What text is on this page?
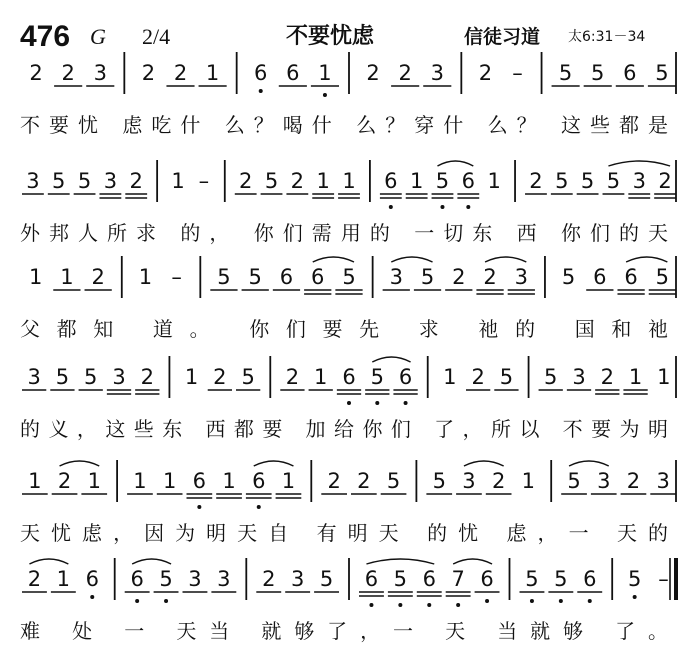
476 G 2/4	不要忧虑	信徒习道 太6:31－34
2 2 3 2 2 1 6 6 1 2 2 3 2 – 5 5 6 5
不要忧 虑吃什 么？喝什 么？穿什 么？ 这些都是
3 5 5 3 2 1 – 2 5 2 1 1 6 1 5 6 1 2 5 5 5 3 2
外邦人所求 的， 你们需用的 一切东 西 你们的天
1 1 2 1 – 5 5 6 6 5 3 5 2 2 3 5 6 6 5
父都知 道。 你们要先 求 祂的 国和祂
3 5 5 3 2 1 2 5 2 1 6 5 6 1 2 5 5 3 2 1 1
的义，这些东 西都要 加给你们 了，所以 不要为明
1 2 1 1 1 6 1 6 1 2 2 5 5 3 2 1 5 3 2 3
天忧虑，因为明天自 有明天 的忧 虑，一 天的
2 1 6 6 5 3 3 2 3 5 6 5 6 7 6 5 5 6 5 –
难 处 一 天当 就够了，一 天 当就够 了。
